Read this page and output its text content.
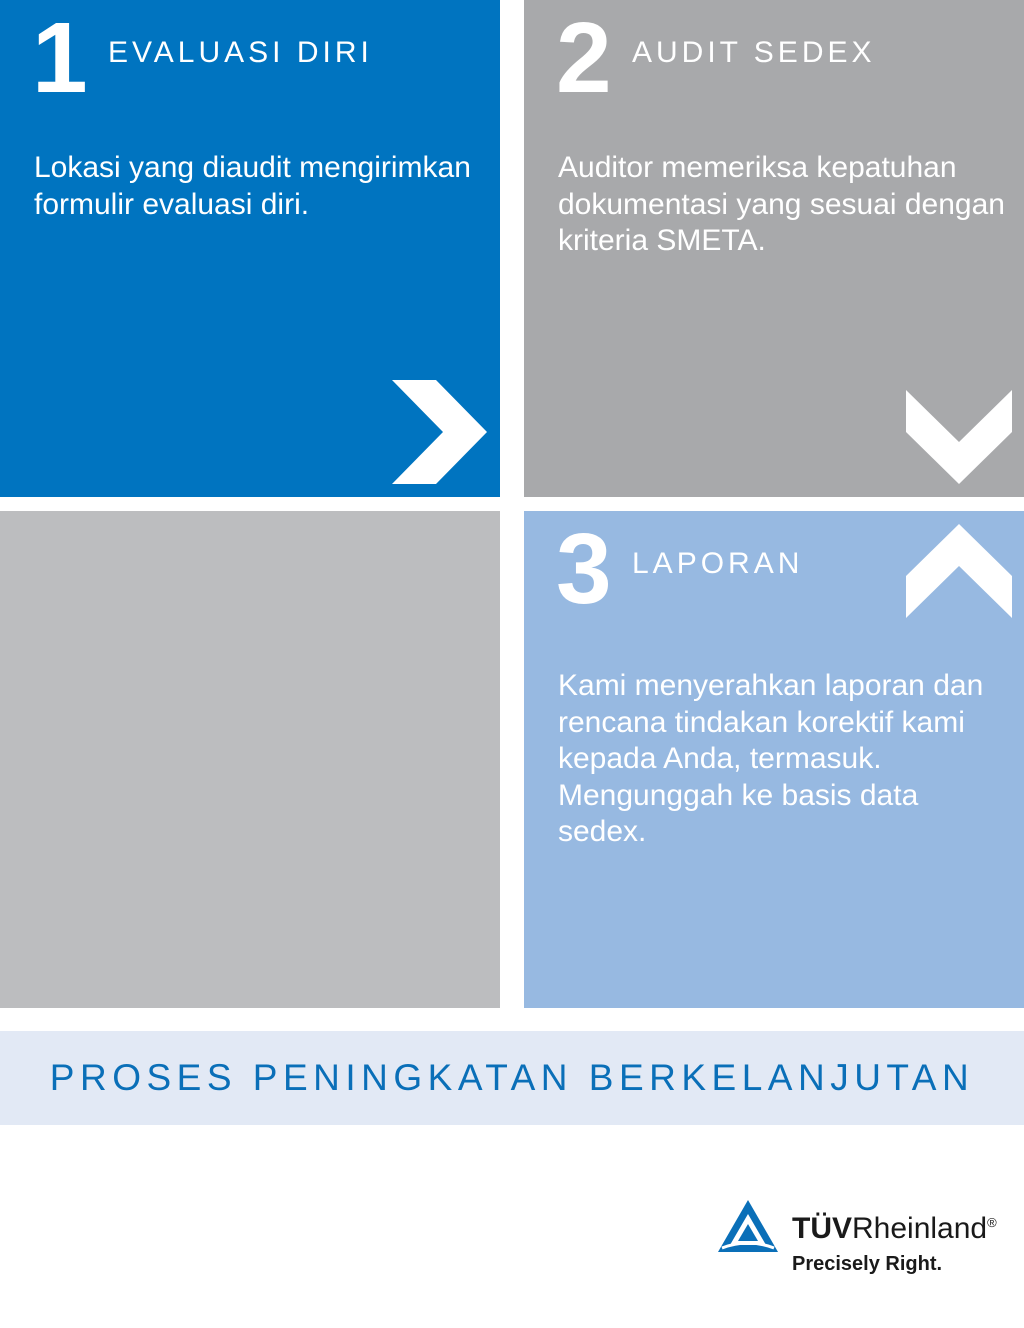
1 EVALUASI DIRI
Lokasi yang diaudit mengirimkan formulir evaluasi diri.
2 AUDIT SEDEX
Auditor memeriksa kepatuhan dokumentasi yang sesuai dengan kriteria SMETA.
3 LAPORAN
Kami menyerahkan laporan dan rencana tindakan korektif kami kepada Anda, termasuk. Mengunggah ke basis data sedex.
PROSES PENINGKATAN BERKELANJUTAN
TÜVRheinland®
Precisely Right.
